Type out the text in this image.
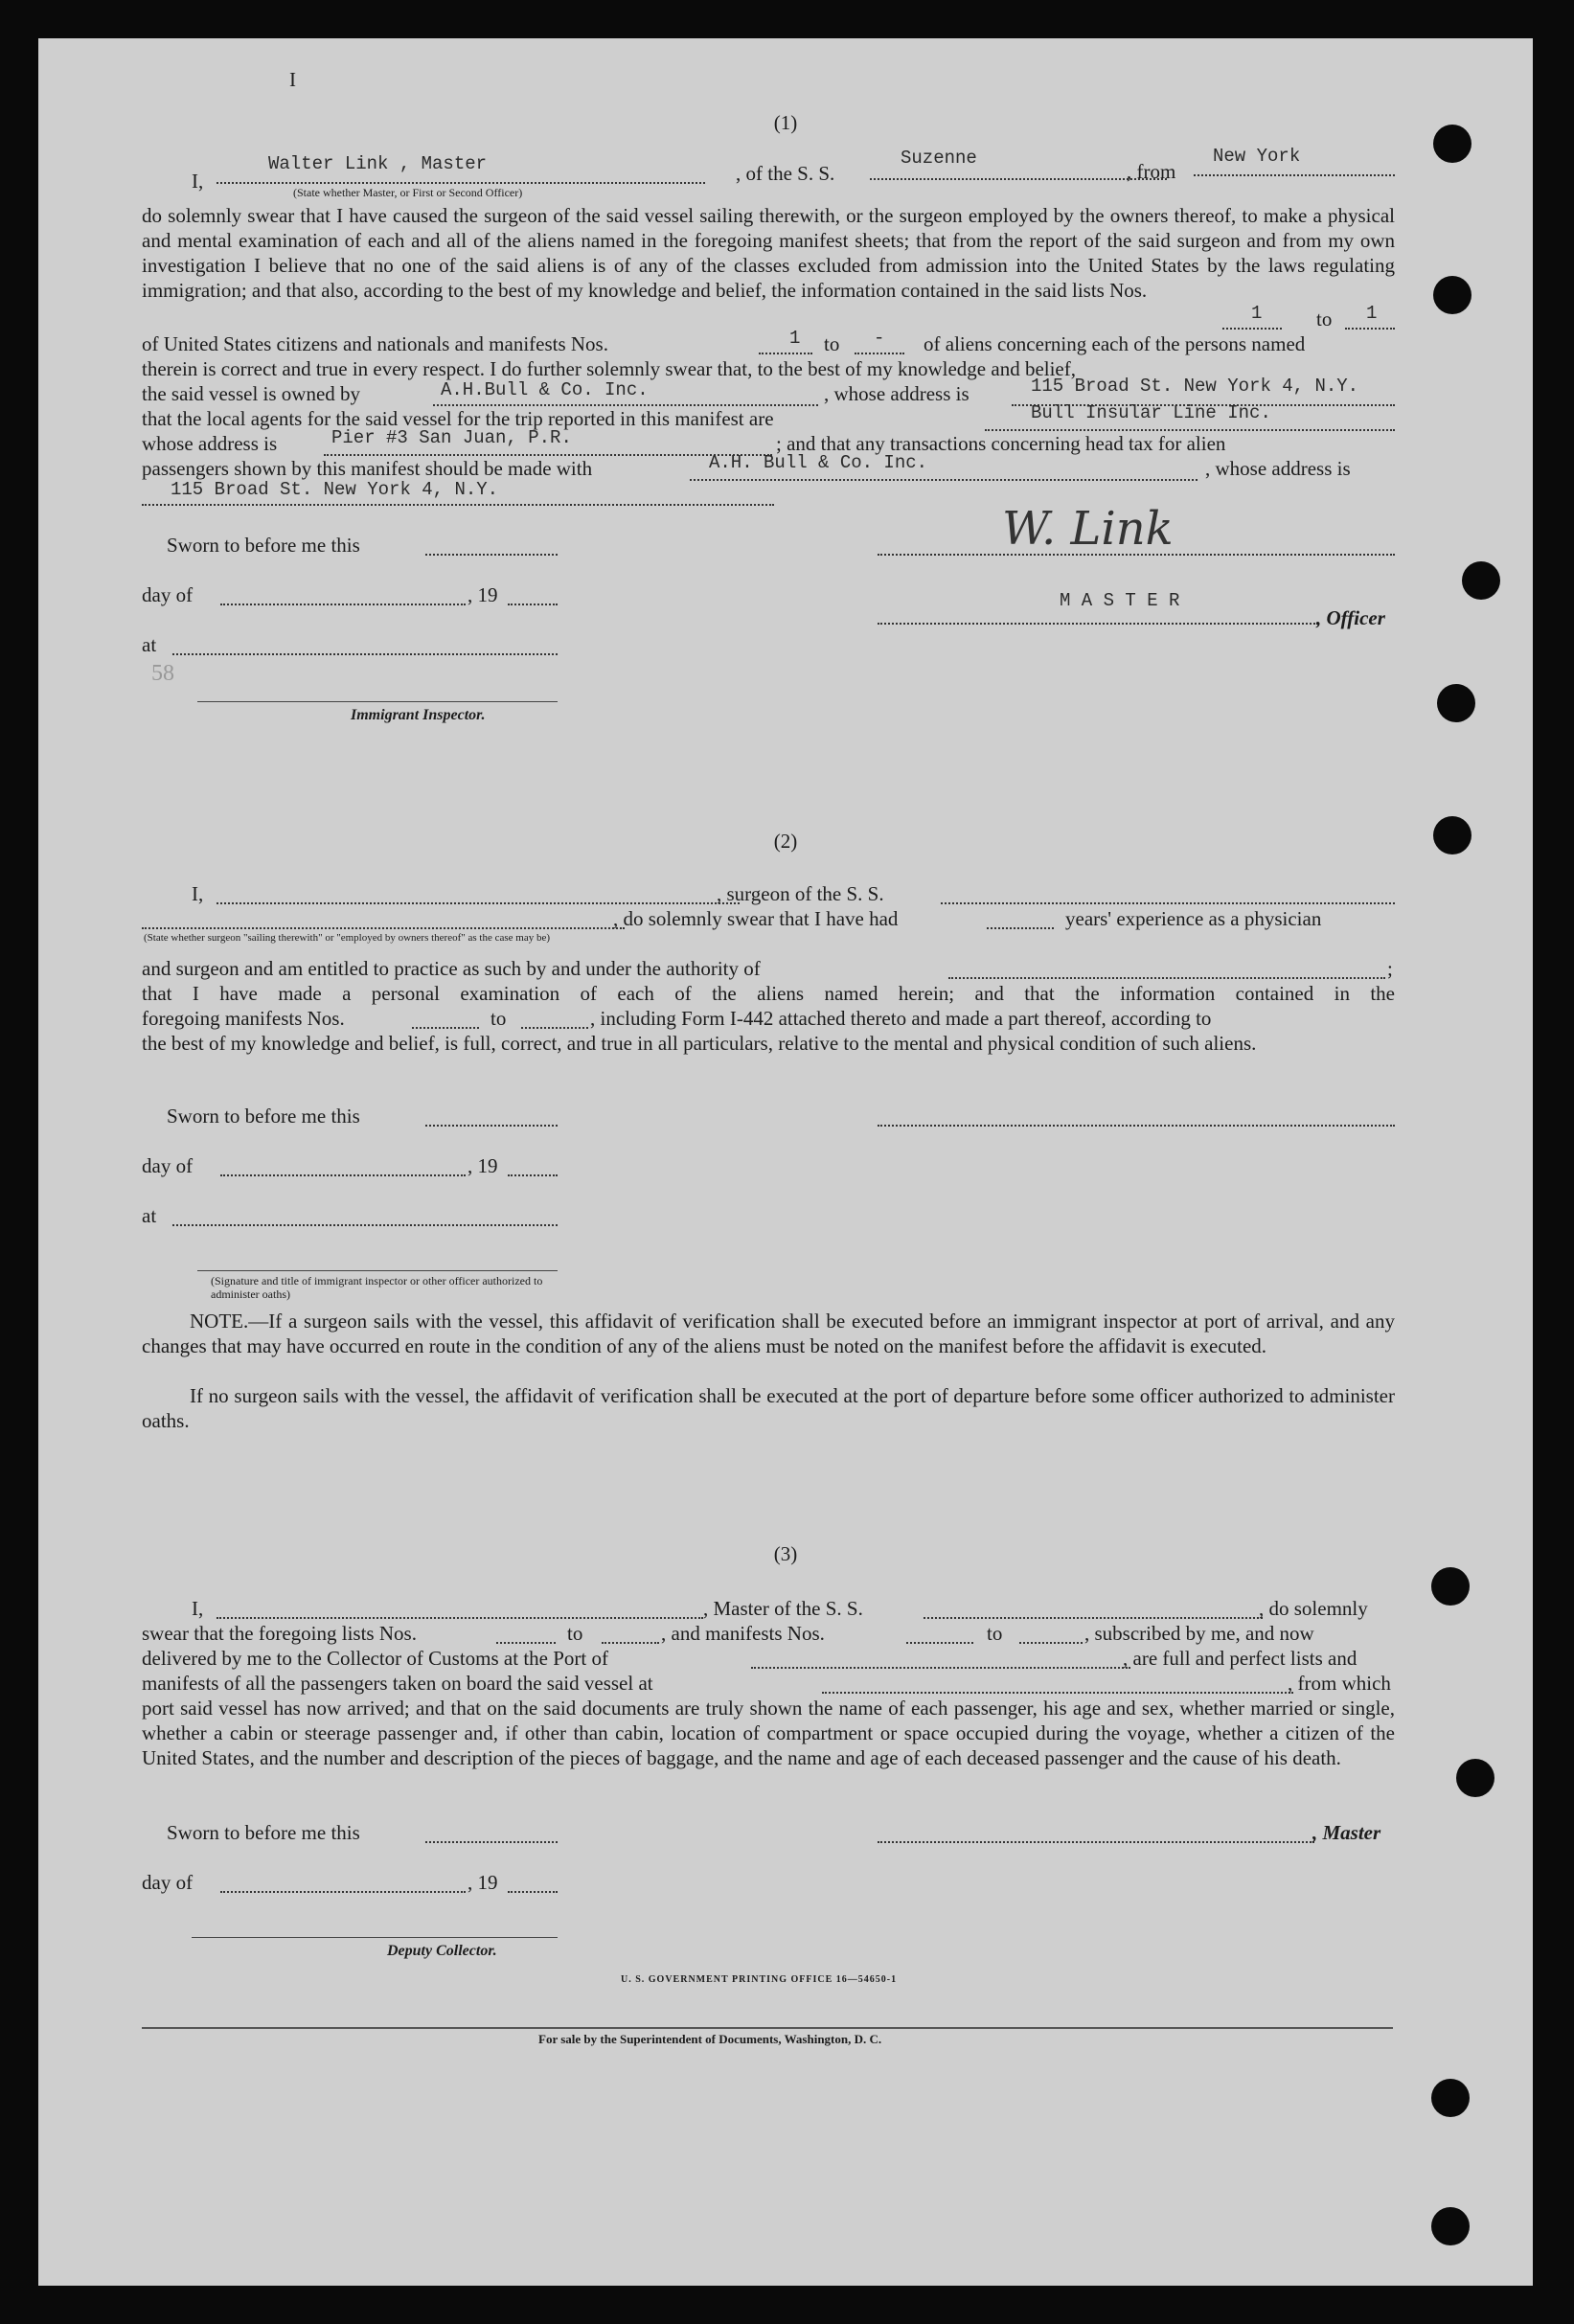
I
(1)
I,
Walter Link , Master
(State whether Master, or First or Second Officer)
, of the S. S.
Suzenne
, from
New York
do solemnly swear that I have caused the surgeon of the said vessel sailing therewith, or the surgeon employed by the owners thereof, to make a physical and mental examination of each and all of the aliens named in the foregoing manifest sheets; that from the report of the said surgeon and from my own investigation I believe that no one of the said aliens is of any of the classes excluded from admission into the United States by the laws regulating immigration; and that also, according to the best of my knowledge and belief, the information contained in the said lists Nos.
1	to 1
of United States citizens and nationals and manifests Nos.	1 to - of aliens concerning each of the persons named
therein is correct and true in every respect. I do further solemnly swear that, to the best of my knowledge and belief,
the said vessel is owned by	A.H.Bull & Co. Inc.	, whose address is	115 Broad St. New York 4, N.Y.
that the local agents for the said vessel for the trip reported in this manifest are	Bull Insular Line Inc.
whose address is	Pier #3 San Juan, P.R.	; and that any transactions concerning head tax for alien
passengers shown by this manifest should be made with	A.H. Bull & Co. Inc.	, whose address is
115 Broad St. New York 4, N.Y.
Sworn to before me this	W. Link
day of	, 19	M A S T E R
, Officer
at
58
Immigrant Inspector.
(2)
I,	, surgeon of the S. S.
, do solemnly swear that I have had	years' experience as a physician
(State whether surgeon "sailing therewith" or "employed by owners thereof" as the case may be)
and surgeon and am entitled to practice as such by and under the authority of	;
that I have made a personal examination of each of the aliens named herein; and that the information contained in the
foregoing manifests Nos.	to	, including Form I-442 attached thereto and made a part thereof, according to
the best of my knowledge and belief, is full, correct, and true in all particulars, relative to the mental and physical condition of such aliens.
Sworn to before me this
day of	, 19
at
(Signature and title of immigrant inspector or other officer authorized to administer oaths)
NOTE.—If a surgeon sails with the vessel, this affidavit of verification shall be executed before an immigrant inspector at port of arrival, and any changes that may have occurred en route in the condition of any of the aliens must be noted on the manifest before the affidavit is executed.
If no surgeon sails with the vessel, the affidavit of verification shall be executed at the port of departure before some officer authorized to administer oaths.
(3)
I,	, Master of the S. S.	, do solemnly
swear that the foregoing lists Nos.	to	, and manifests Nos.	to	, subscribed by me, and now
delivered by me to the Collector of Customs at the Port of	, are full and perfect lists and
manifests of all the passengers taken on board the said vessel at	, from which
port said vessel has now arrived; and that on the said documents are truly shown the name of each passenger, his age and sex, whether married or single, whether a cabin or steerage passenger and, if other than cabin, location of compartment or space occupied during the voyage, whether a citizen of the United States, and the number and description of the pieces of baggage, and the name and age of each deceased passenger and the cause of his death.
Sworn to before me this	, Master
day of	, 19
Deputy Collector.
U. S. GOVERNMENT PRINTING OFFICE 16—54650-1
For sale by the Superintendent of Documents, Washington, D. C.
